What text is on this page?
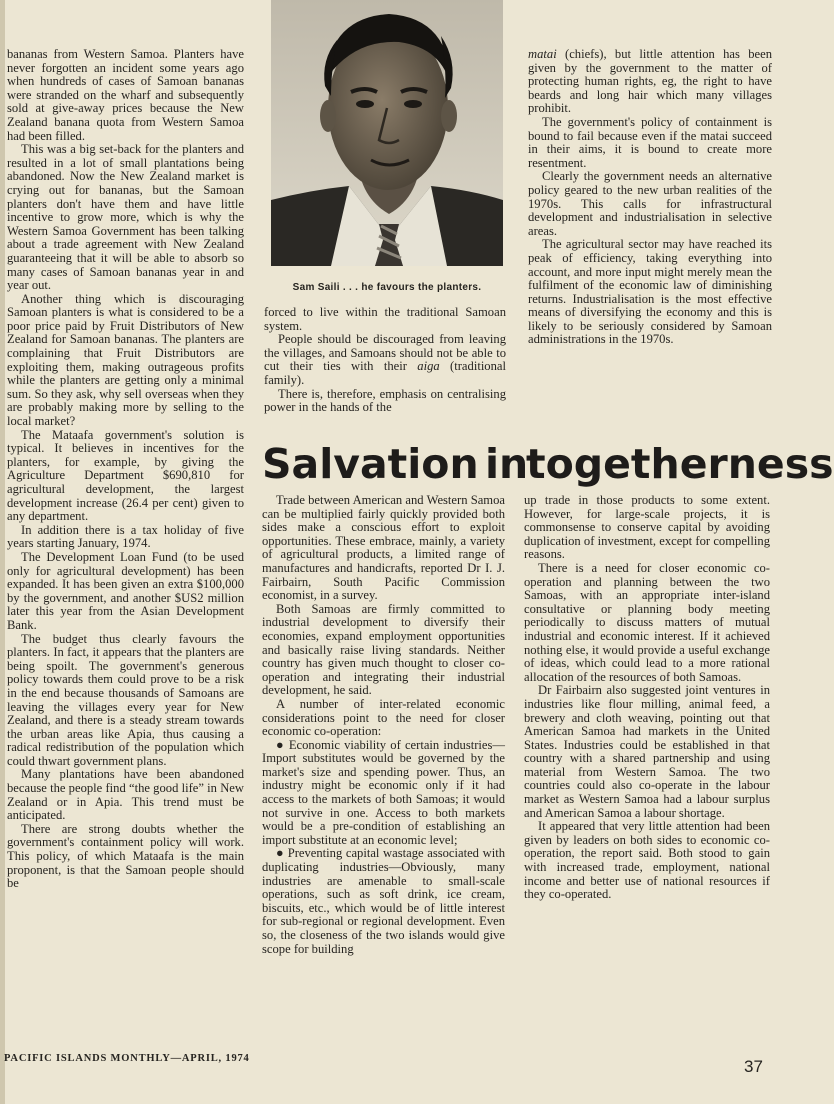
bananas from Western Samoa. Planters have never forgotten an incident some years ago when hundreds of cases of Samoan bananas were stranded on the wharf and subsequently sold at give-away prices because the New Zealand banana quota from Western Samoa had been filled.

This was a big set-back for the planters and resulted in a lot of small plantations being abandoned. Now the New Zealand market is crying out for bananas, but the Samoan planters don't have them and have little incentive to grow more, which is why the Western Samoa Government has been talking about a trade agreement with New Zealand guaranteeing that it will be able to absorb so many cases of Samoan bananas year in and year out.

Another thing which is discouraging Samoan planters is what is considered to be a poor price paid by Fruit Distributors of New Zealand for Samoan bananas. The planters are complaining that Fruit Distributors are exploiting them, making outrageous profits while the planters are getting only a minimal sum. So they ask, why sell overseas when they are probably making more by selling to the local market?

The Mataafa government's solution is typical. It believes in incentives for the planters, for example, by giving the Agriculture Department $690,810 for agricultural development, the largest development increase (26.4 per cent) given to any department.

In addition there is a tax holiday of five years starting January, 1974.

The Development Loan Fund (to be used only for agricultural development) has been expanded. It has been given an extra $100,000 by the government, and another $US2 million later this year from the Asian Development Bank.

The budget thus clearly favours the planters. In fact, it appears that the planters are being spoilt. The government's generous policy towards them could prove to be a risk in the end because thousands of Samoans are leaving the villages every year for New Zealand, and there is a steady stream towards the urban areas like Apia, thus causing a radical redistribution of the population which could thwart government plans.

Many plantations have been abandoned because the people find “the good life” in New Zealand or in Apia. This trend must be anticipated.

There are strong doubts whether the government's containment policy will work. This policy, of which Mataafa is the main proponent, is that the Samoan people should be

Sam Saili . . . he favours the planters.

forced to live within the traditional Samoan system.

People should be discouraged from leaving the villages, and Samoans should not be able to cut their ties with their aiga (traditional family).

There is, therefore, emphasis on centralising power in the hands of the

matai (chiefs), but little attention has been given by the government to the matter of protecting human rights, eg, the right to have beards and long hair which many villages prohibit.

The government's policy of containment is bound to fail because even if the matai succeed in their aims, it is bound to create more resentment.

Clearly the government needs an alternative policy geared to the new urban realities of the 1970s. This calls for infrastructural development and industrialisation in selective areas.

The agricultural sector may have reached its peak of efficiency, taking everything into account, and more input might merely mean the fulfilment of the economic law of diminishing returns. Industrialisation is the most effective means of diversifying the economy and this is likely to be seriously considered by Samoan administrations in the 1970s.

Salvation in
togetherness

Trade between American and Western Samoa can be multiplied fairly quickly provided both sides make a conscious effort to exploit opportunities. These embrace, mainly, a variety of agricultural products, a limited range of manufactures and handicrafts, reported Dr I. J. Fairbairn, South Pacific Commission economist, in a survey.

Both Samoas are firmly committed to industrial development to diversify their economies, expand employment opportunities and basically raise living standards. Neither country has given much thought to closer co-operation and integrating their industrial development, he said.

A number of inter-related economic considerations point to the need for closer economic co-operation:

● Economic viability of certain industries—Import substitutes would be governed by the market's size and spending power. Thus, an industry might be economic only if it had access to the markets of both Samoas; it would not survive in one. Access to both markets would be a pre-condition of establishing an import substitute at an economic level;

● Preventing capital wastage associated with duplicating industries—Obviously, many industries are amenable to small-scale operations, such as soft drink, ice cream, biscuits, etc., which would be of little interest for sub-regional or regional development. Even so, the closeness of the two islands would give scope for building

up trade in those products to some extent. However, for large-scale projects, it is commonsense to conserve capital by avoiding duplication of investment, except for compelling reasons.

There is a need for closer economic co-operation and planning between the two Samoas, with an appropriate inter-island consultative or planning body meeting periodically to discuss matters of mutual industrial and economic interest. If it achieved nothing else, it would provide a useful exchange of ideas, which could lead to a more rational allocation of the resources of both Samoas.

Dr Fairbairn also suggested joint ventures in industries like flour milling, animal feed, a brewery and cloth weaving, pointing out that American Samoa had markets in the United States. Industries could be established in that country with a shared partnership and using material from Western Samoa. The two countries could also co-operate in the labour market as Western Samoa had a labour surplus and American Samoa a labour shortage.

It appeared that very little attention had been given by leaders on both sides to economic co-operation, the report said. Both stood to gain with increased trade, employment, national income and better use of national resources if they co-operated.

PACIFIC ISLANDS MONTHLY—APRIL, 1974	37
